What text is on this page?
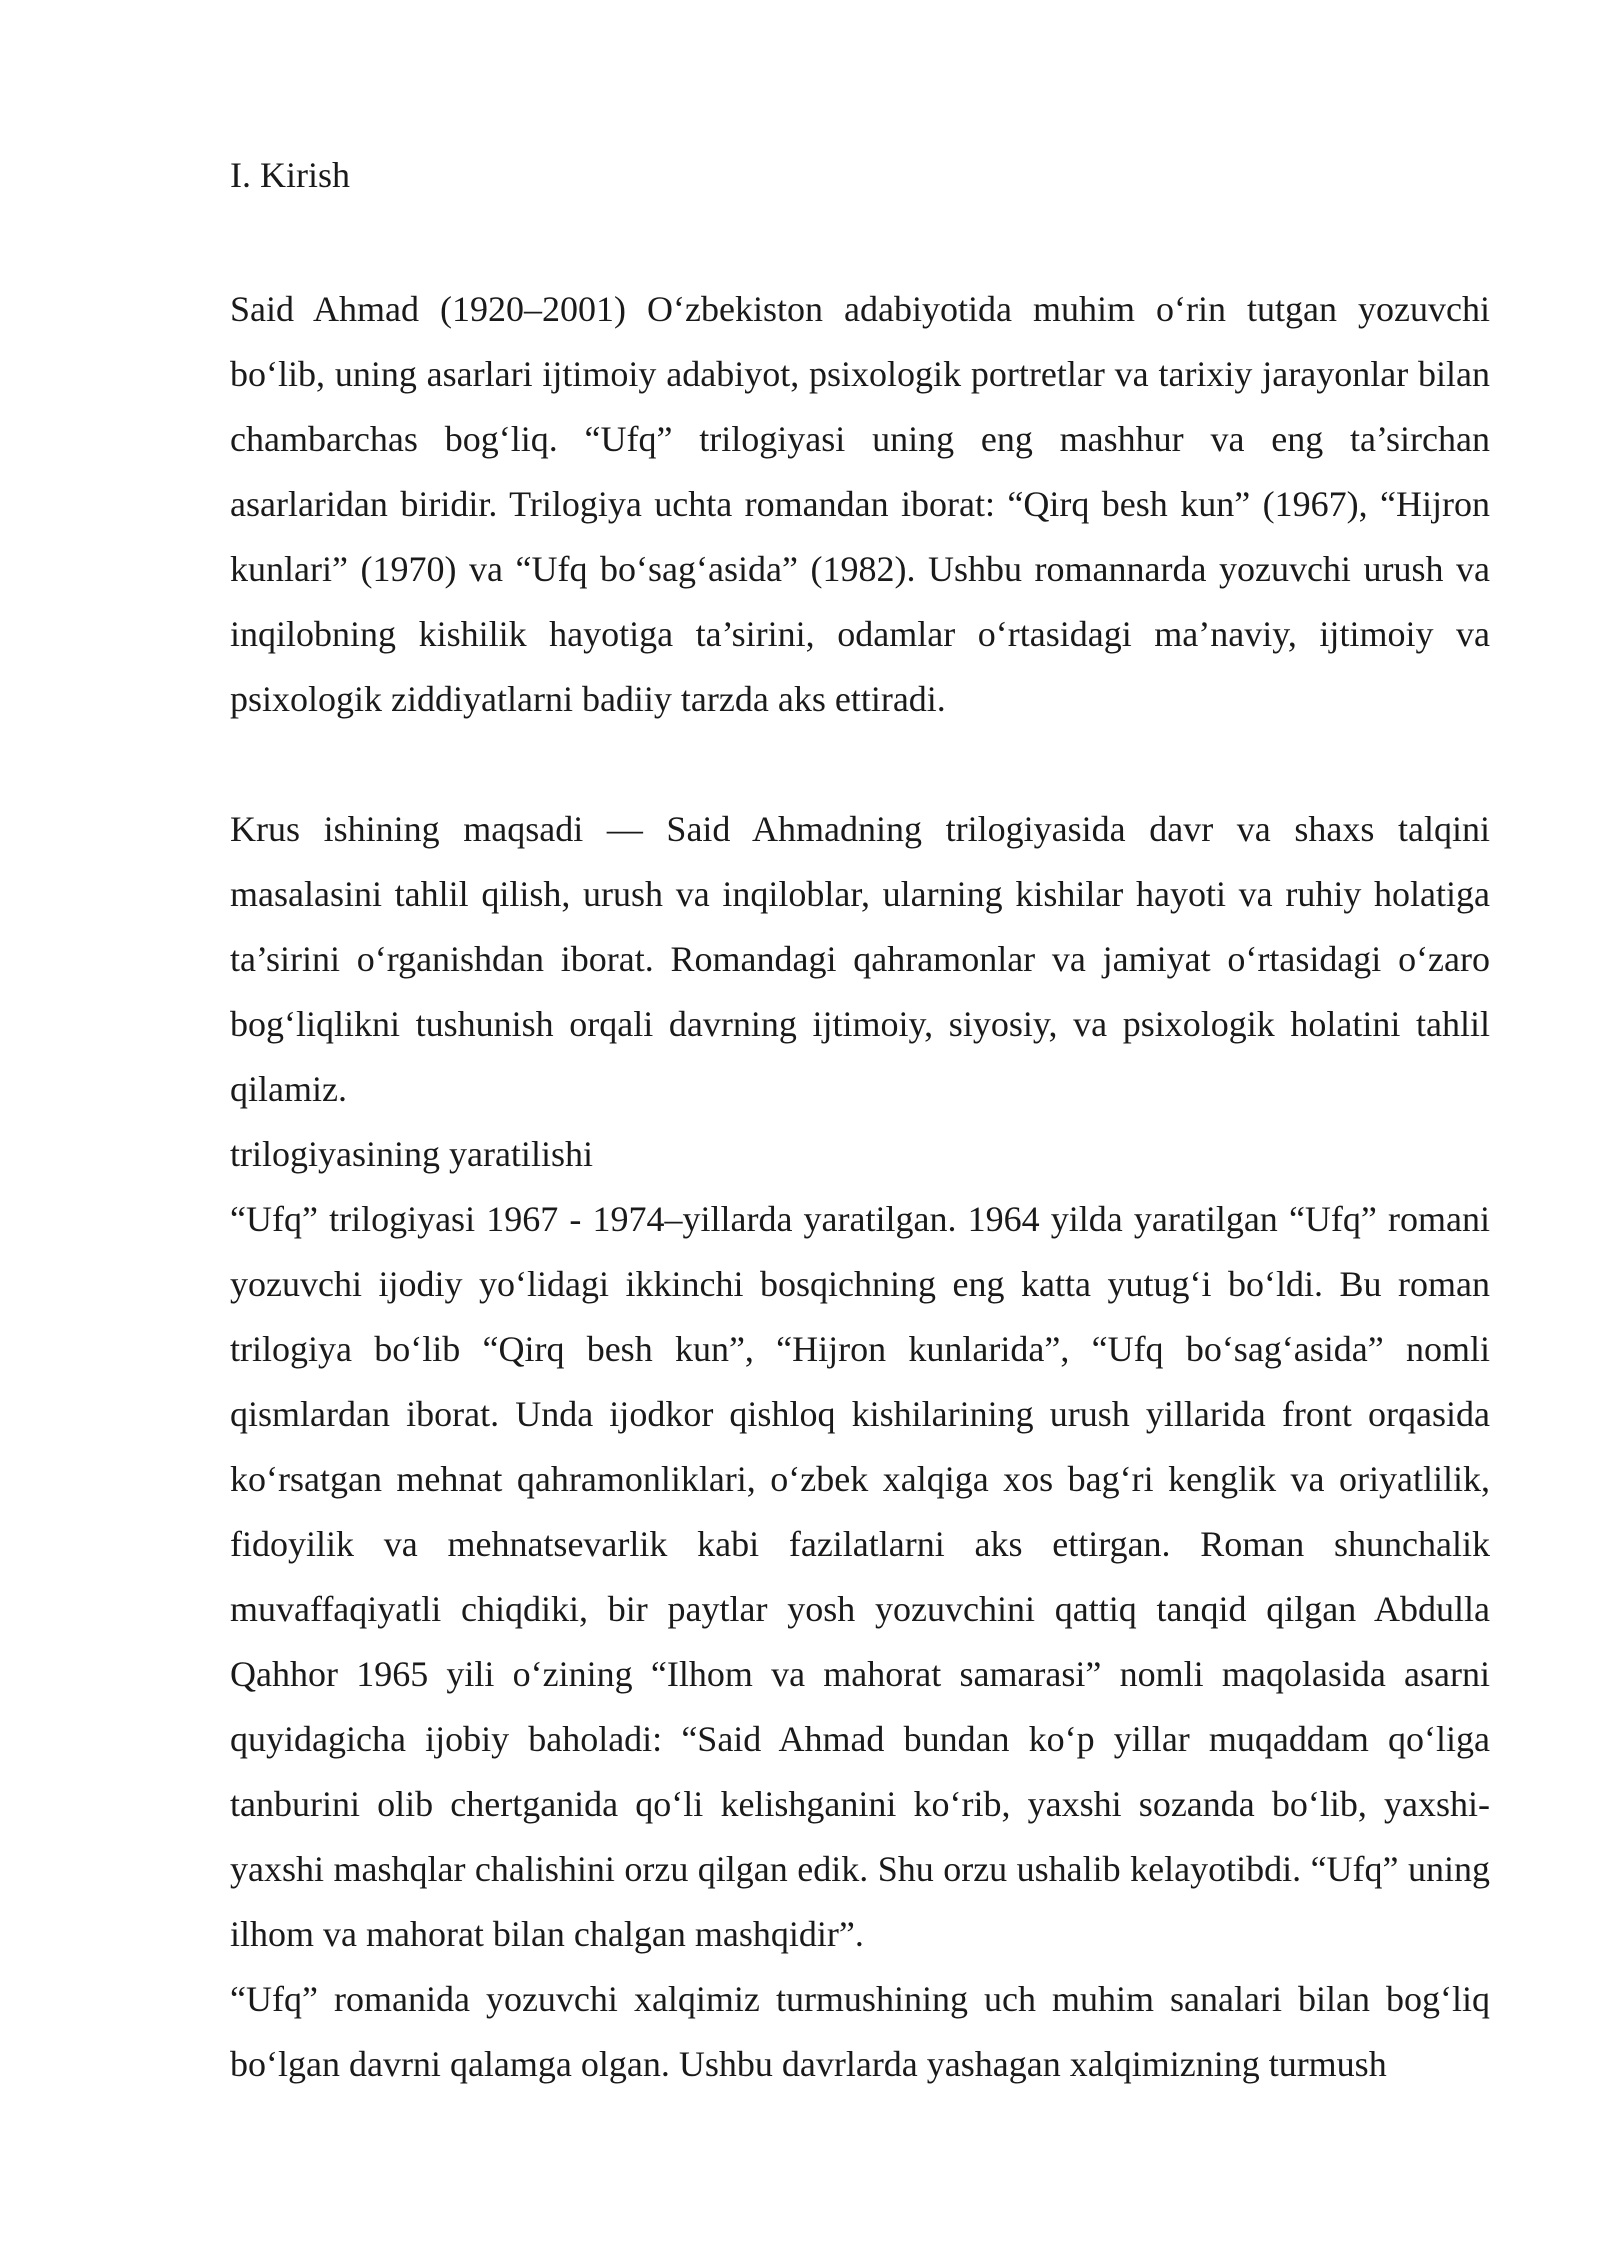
I. Kirish

Said Ahmad (1920–2001) O‘zbekiston adabiyotida muhim o‘rin tutgan yozuvchi bo‘lib, uning asarlari ijtimoiy adabiyot, psixologik portretlar va tarixiy jarayonlar bilan chambarchas bog‘liq. “Ufq” trilogiyasi uning eng mashhur va eng ta’sirchan asarlaridan biridir. Trilogiya uchta romandan iborat: “Qirq besh kun” (1967), “Hijron kunlari” (1970) va “Ufq bo‘sag‘asida” (1982). Ushbu romannarda yozuvchi urush va inqilobning kishilik hayotiga ta’sirini, odamlar o‘rtasidagi ma’naviy, ijtimoiy va psixologik ziddiyatlarni badiiy tarzda aks ettiradi.

Krus ishining maqsadi — Said Ahmadning trilogiyasida davr va shaxs talqini masalasini tahlil qilish, urush va inqiloblar, ularning kishilar hayoti va ruhiy holatiga ta’sirini o‘rganishdan iborat. Romandagi qahramonlar va jamiyat o‘rtasidagi o‘zaro bog‘liqlikni tushunish orqali davrning ijtimoiy, siyosiy, va psixologik holatini tahlil qilamiz.

trilogiyasining yaratilishi

“Ufq” trilogiyasi 1967 - 1974–yillarda yaratilgan. 1964 yilda yaratilgan “Ufq” romani yozuvchi ijodiy yo‘lidagi ikkinchi bosqichning eng katta yutug‘i bo‘ldi. Bu roman trilogiya bo‘lib “Qirq besh kun”, “Hijron kunlarida”, “Ufq bo‘sag‘asida” nomli qismlardan iborat. Unda ijodkor qishloq kishilarining urush yillarida front orqasida ko‘rsatgan mehnat qahramonliklari, o‘zbek xalqiga xos bag‘ri kenglik va oriyatlilik, fidoyilik va mehnatsevarlik kabi fazilatlarni aks ettirgan. Roman shunchalik muvaffaqiyatli chiqdiki, bir paytlar yosh yozuvchini qattiq tanqid qilgan Abdulla Qahhor 1965 yili o‘zining “Ilhom va mahorat samarasi” nomli maqolasida asarni quyidagicha ijobiy baholadi: “Said Ahmad bundan ko‘p yillar muqaddam qo‘liga tanburini olib chertganida qo‘li kelishganini ko‘rib, yaxshi sozanda bo‘lib, yaxshi-yaxshi mashqlar chalishini orzu qilgan edik. Shu orzu ushalib kelayotibdi. “Ufq” uning ilhom va mahorat bilan chalgan mashqidir”.

“Ufq” romanida yozuvchi xalqimiz turmushining uch muhim sanalari bilan bog‘liq bo‘lgan davrni qalamga olgan. Ushbu davrlarda yashagan xalqimizning turmush
